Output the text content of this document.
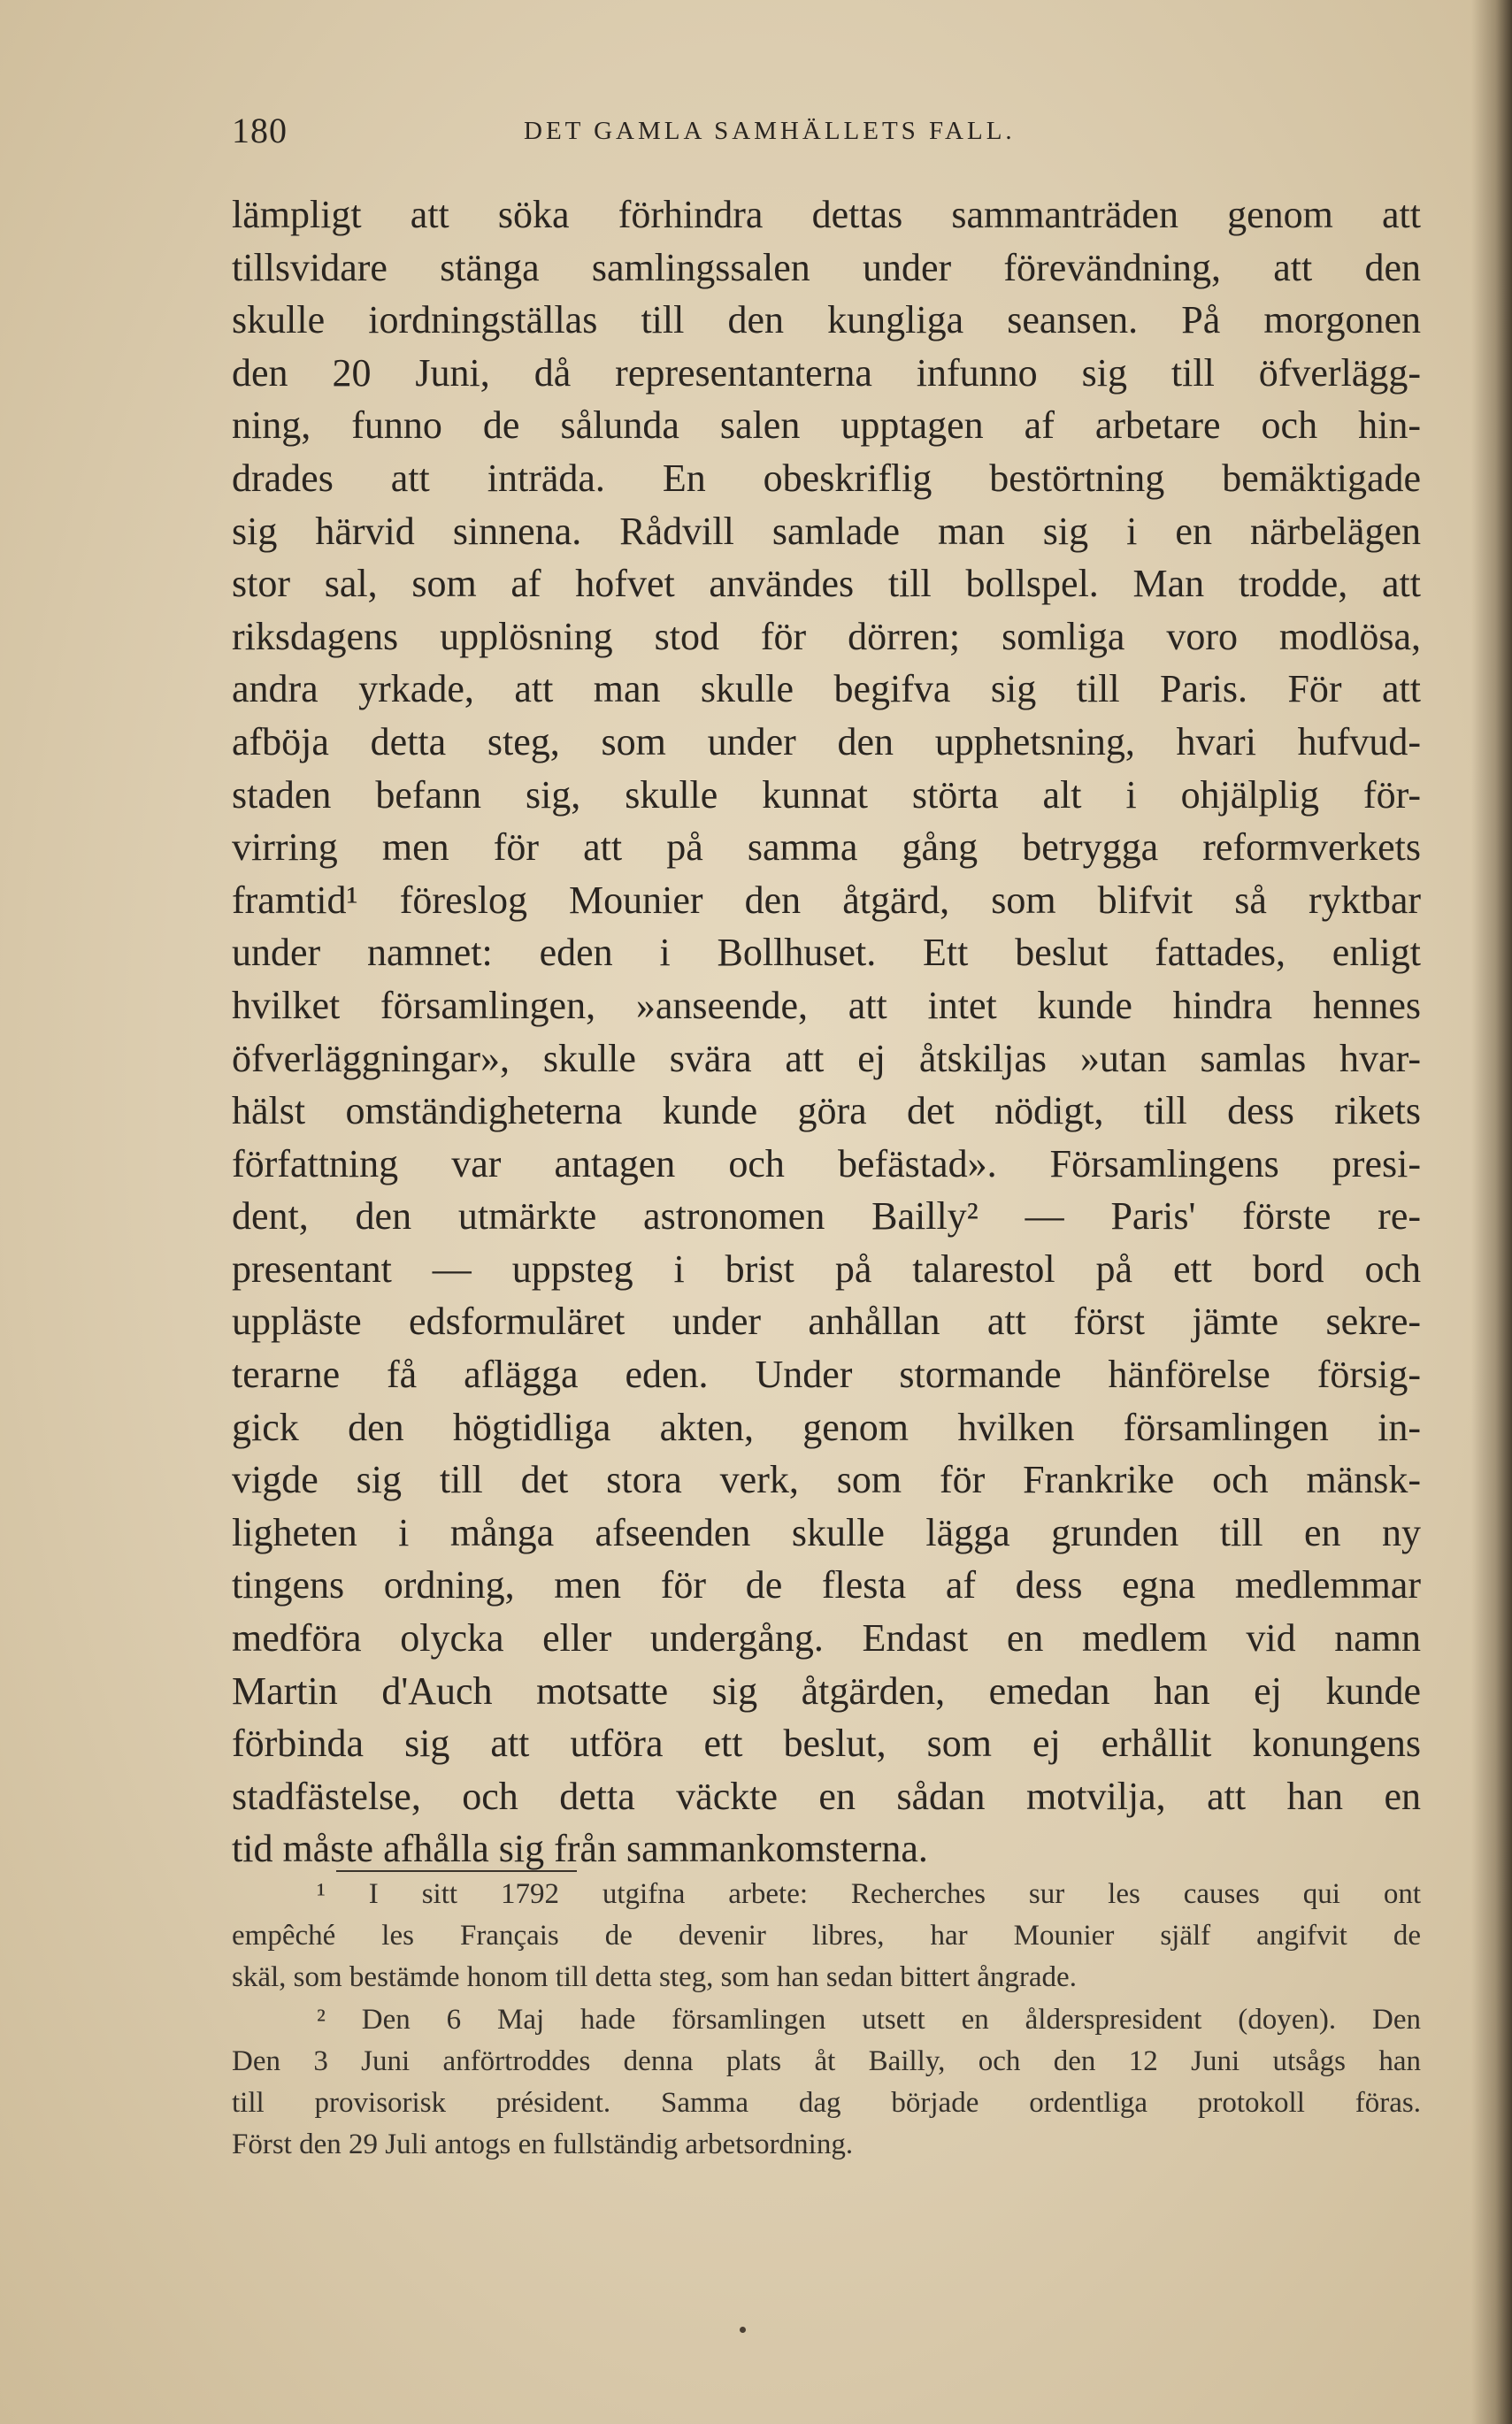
180	DET GAMLA SAMHÄLLETS FALL.
lämpligt att söka förhindra dettas sammanträden genom att
tillsvidare stänga samlingssalen under förevändning, att den
skulle iordningställas till den kungliga seansen. På morgonen
den 20 Juni, då representanterna infunno sig till öfverlägg-
ning, funno de sålunda salen upptagen af arbetare och hin-
drades att inträda. En obeskriflig bestörtning bemäktigade
sig härvid sinnena. Rådvill samlade man sig i en närbelägen
stor sal, som af hofvet användes till bollspel. Man trodde, att
riksdagens upplösning stod för dörren; somliga voro modlösa,
andra yrkade, att man skulle begifva sig till Paris. För att
afböja detta steg, som under den upphetsning, hvari hufvud-
staden befann sig, skulle kunnat störta alt i ohjälplig för-
virring men för att på samma gång betrygga reformverkets
framtid¹ föreslog Mounier den åtgärd, som blifvit så ryktbar
under namnet: eden i Bollhuset. Ett beslut fattades, enligt
hvilket församlingen, »anseende, att intet kunde hindra hennes
öfverläggningar», skulle svära att ej åtskiljas »utan samlas hvar-
hälst omständigheterna kunde göra det nödigt, till dess rikets
författning var antagen och befästad». Församlingens presi-
dent, den utmärkte astronomen Bailly² — Paris' förste re-
presentant — uppsteg i brist på talarestol på ett bord och
uppläste edsformuläret under anhållan att först jämte sekre-
terarne få aflägga eden. Under stormande hänförelse försig-
gick den högtidliga akten, genom hvilken församlingen in-
vigde sig till det stora verk, som för Frankrike och mänsk-
ligheten i många afseenden skulle lägga grunden till en ny
tingens ordning, men för de flesta af dess egna medlemmar
medföra olycka eller undergång. Endast en medlem vid namn
Martin d'Auch motsatte sig åtgärden, emedan han ej kunde
förbinda sig att utföra ett beslut, som ej erhållit konungens
stadfästelse, och detta väckte en sådan motvilja, att han en
tid måste afhålla sig från sammankomsterna.
¹ I sitt 1792 utgifna arbete: Recherches sur les causes qui ont
empêché les Français de devenir libres, har Mounier själf angifvit de
skäl, som bestämde honom till detta steg, som han sedan bittert ångrade.
² Den 6 Maj hade församlingen utsett en ålderspresident (doyen). Den
Den 3 Juni anförtroddes denna plats åt Bailly, och den 12 Juni utsågs han
till provisorisk président. Samma dag började ordentliga protokoll föras.
Först den 29 Juli antogs en fullständig arbetsordning.
